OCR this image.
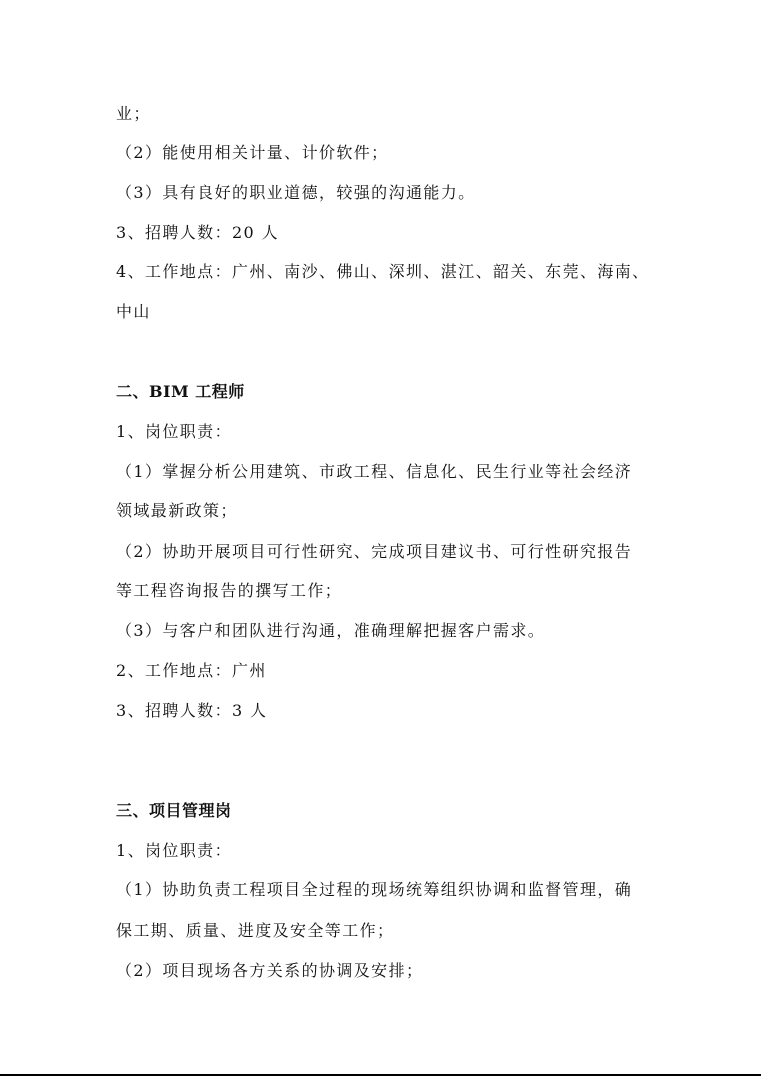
业；
（2）能使用相关计量、计价软件；
（3）具有良好的职业道德，较强的沟通能力。
3、招聘人数：20 人
4、工作地点：广州、南沙、佛山、深圳、湛江、韶关、东莞、海南、
中山
二、BIM 工程师
1、岗位职责：
（1）掌握分析公用建筑、市政工程、信息化、民生行业等社会经济
领域最新政策；
（2）协助开展项目可行性研究、完成项目建议书、可行性研究报告
等工程咨询报告的撰写工作；
（3）与客户和团队进行沟通，准确理解把握客户需求。
2、工作地点：广州
3、招聘人数：3 人
三、项目管理岗
1、岗位职责：
（1）协助负责工程项目全过程的现场统筹组织协调和监督管理，确
保工期、质量、进度及安全等工作；
（2）项目现场各方关系的协调及安排；
